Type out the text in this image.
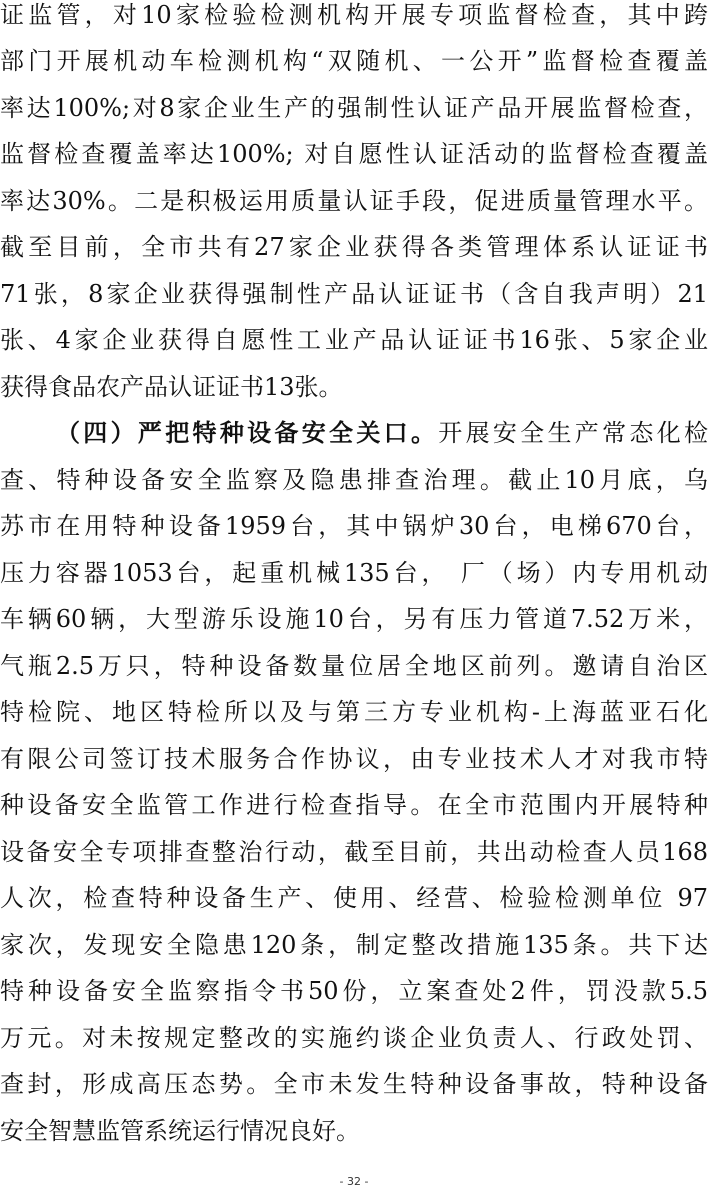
证监管，对10家检验检测机构开展专项监督检查，其中跨
部门开展机动车检测机构“双随机、一公开”监督检查覆盖
率达100%;对8家企业生产的强制性认证产品开展监督检查，
监督检查覆盖率达100%; 对自愿性认证活动的监督检查覆盖
率达30%。二是积极运用质量认证手段，促进质量管理水平。
截至目前，全市共有27家企业获得各类管理体系认证证书
71张，8家企业获得强制性产品认证证书（含自我声明）21
张、4家企业获得自愿性工业产品认证证书16张、5家企业
获得食品农产品认证证书13张。
（四）严把特种设备安全关口。开展安全生产常态化检
查、特种设备安全监察及隐患排查治理。截止10月底，乌
苏市在用特种设备1959台，其中锅炉30台，电梯670台，
压力容器1053台，起重机械135台， 厂（场）内专用机动
车辆60辆，大型游乐设施10台，另有压力管道7.52万米，
气瓶2.5万只，特种设备数量位居全地区前列。邀请自治区
特检院、地区特检所以及与第三方专业机构-上海蓝亚石化
有限公司签订技术服务合作协议，由专业技术人才对我市特
种设备安全监管工作进行检查指导。在全市范围内开展特种
设备安全专项排查整治行动，截至目前，共出动检查人员168
人次，检查特种设备生产、使用、经营、检验检测单位 97
家次，发现安全隐患120条，制定整改措施135条。共下达
特种设备安全监察指令书50份，立案查处2件，罚没款5.5
万元。对未按规定整改的实施约谈企业负责人、行政处罚、
查封，形成高压态势。全市未发生特种设备事故，特种设备
安全智慧监管系统运行情况良好。
- 32 -
